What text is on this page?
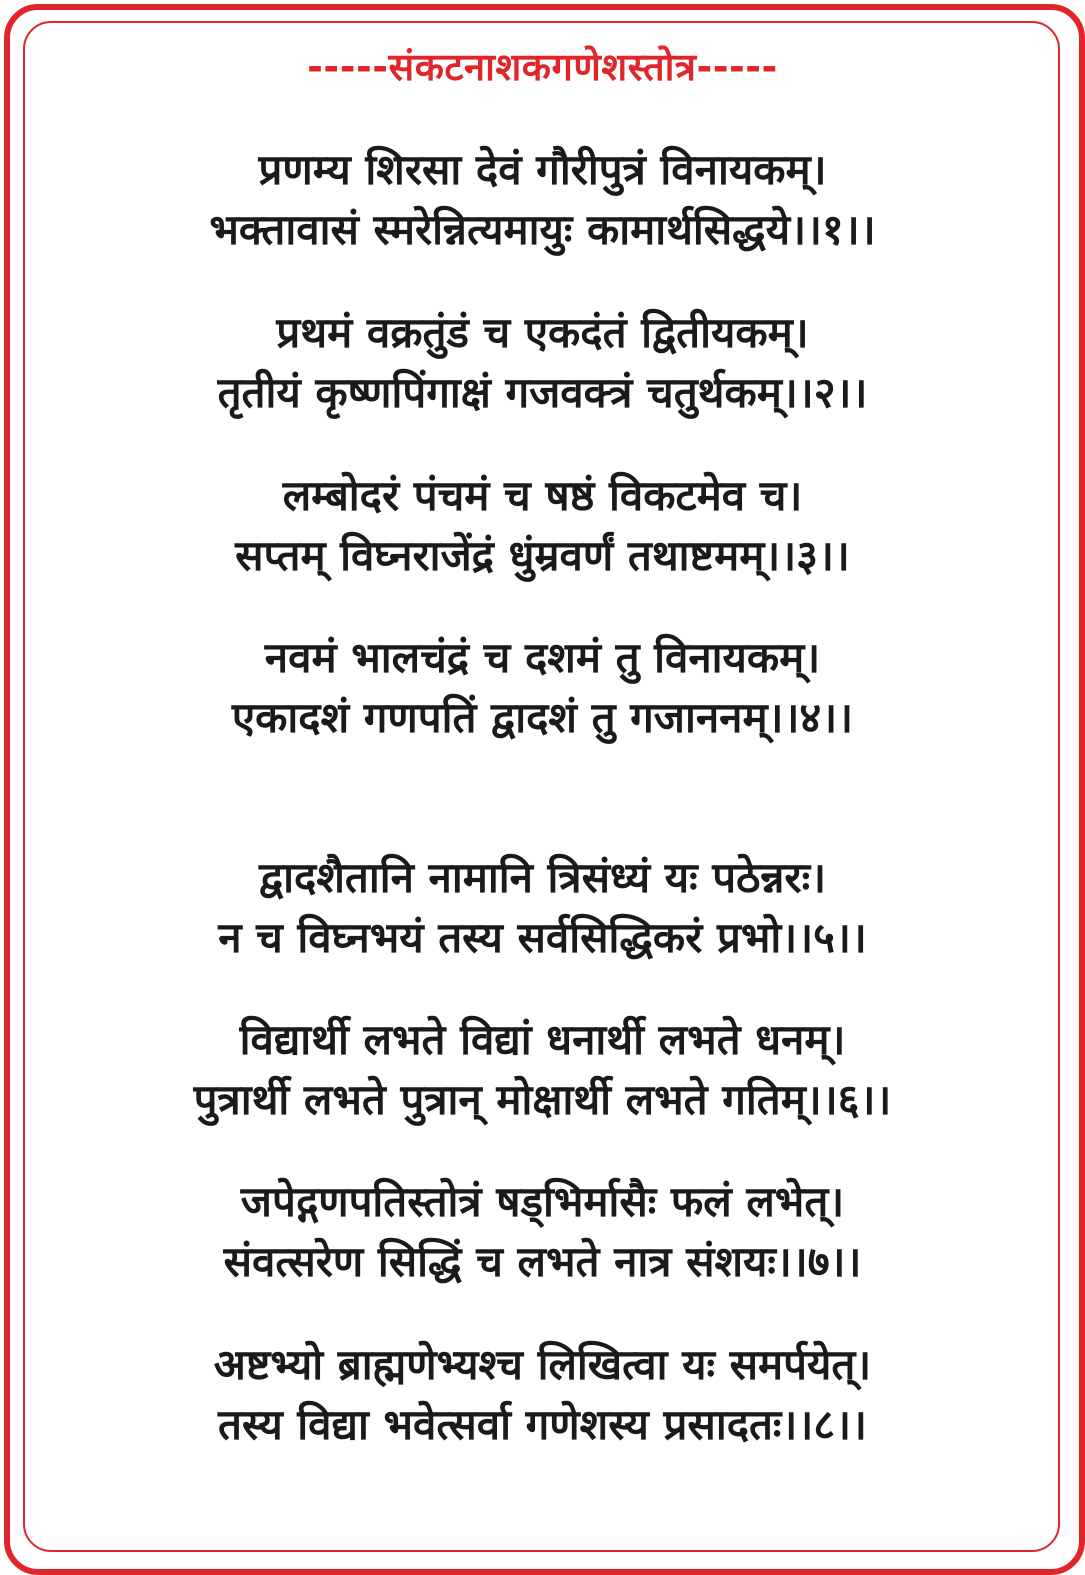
-----संकटनाशकगणेशस्तोत्र-----
प्रणम्य शिरसा देवं गौरीपुत्रं विनायकम्।
भक्तावासं स्मरेन्नित्यमायुः कामार्थसिद्धये।।१।।
प्रथमं वक्रतुंडं च एकदंतं द्वितीयकम्।
तृतीयं कृष्णपिंगाक्षं गजवक्त्रं चतुर्थकम्।।२।।
लम्बोदरं पंचमं च षष्ठं विकटमेव च।
सप्तम् विघ्नराजेंद्रं धुंम्रवर्णं तथाष्टमम्।।३।।
नवमं भालचंद्रं च दशमं तु विनायकम्।
एकादशं गणपतिं द्वादशं तु गजाननम्।।४।।
द्वादशैतानि नामानि त्रिसंध्यं यः पठेन्नरः।
न च विघ्नभयं तस्य सर्वसिद्धिकरं प्रभो।।५।।
विद्यार्थी लभते विद्यां धनार्थी लभते धनम्।
पुत्रार्थी लभते पुत्रान् मोक्षार्थी लभते गतिम्।।६।।
जपेद्गणपतिस्तोत्रं षड्भिर्मासैः फलं लभेत्।
संवत्सरेण सिद्धिं च लभते नात्र संशयः।।७।।
अष्टभ्यो ब्राह्मणेभ्यश्च लिखित्वा यः समर्पयेत्।
तस्य विद्या भवेत्सर्वा गणेशस्य प्रसादतः।।८।।
